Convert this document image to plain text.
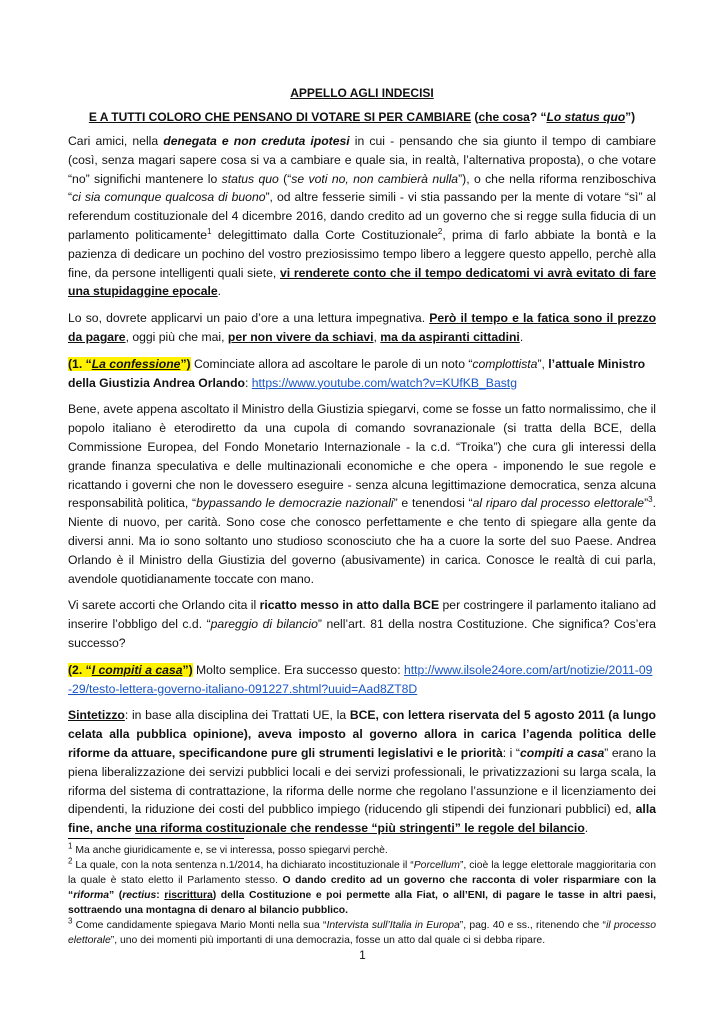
APPELLO AGLI INDECISI
E A TUTTI COLORO CHE PENSANO DI VOTARE SI PER CAMBIARE (che cosa? “Lo status quo”)

Cari amici, nella denegata e non creduta ipotesi in cui - pensando che sia giunto il tempo di cambiare (così, senza magari sapere cosa si va a cambiare e quale sia, in realtà, l’alternativa proposta), o che votare “no” significhi mantenere lo status quo (“se voti no, non cambierà nulla”), o che nella riforma renziboschiva “ci sia comunque qualcosa di buono”, od altre fesserie simili - vi stia passando per la mente di votare “sì” al referendum costituzionale del 4 dicembre 2016, dando credito ad un governo che si regge sulla fiducia di un parlamento politicamente$^1$ delegittimato dalla Corte Costituzionale$^2$, prima di farlo abbiate la bontà e la pazienza di dedicare un pochino del vostro preziosissimo tempo libero a leggere questo appello, perchè alla fine, da persone intelligenti quali siete, vi renderete conto che il tempo dedicatomi vi avrà evitato di fare una stupidaggine epocale.

Lo so, dovrete applicarvi un paio d’ore a una lettura impegnativa. Però il tempo e la fatica sono il prezzo da pagare, oggi più che mai, per non vivere da schiavi, ma da aspiranti cittadini.

(1. “La confessione”) Cominciate allora ad ascoltare le parole di un noto “complottista”, l’attuale Ministro della Giustizia Andrea Orlando: https://www.youtube.com/watch?v=KUfKB_Bastg

Bene, avete appena ascoltato il Ministro della Giustizia spiegarvi, come se fosse un fatto normalissimo, che il popolo italiano è eterodiretto da una cupola di comando sovranazionale (si tratta della BCE, della Commissione Europea, del Fondo Monetario Internazionale - la c.d. “Troika”) che cura gli interessi della grande finanza speculativa e delle multinazionali economiche e che opera - imponendo le sue regole e ricattando i governi che non le dovessero eseguire - senza alcuna legittimazione democratica, senza alcuna responsabilità politica, “bypassando le democrazie nazionali” e tenendosi “al riparo dal processo elettorale”$^3$. Niente di nuovo, per carità. Sono cose che conosco perfettamente e che tento di spiegare alla gente da diversi anni. Ma io sono soltanto uno studioso sconosciuto che ha a cuore la sorte del suo Paese. Andrea Orlando è il Ministro della Giustizia del governo (abusivamente) in carica. Conosce le realtà di cui parla, avendole quotidianamente toccate con mano.

Vi sarete accorti che Orlando cita il ricatto messo in atto dalla BCE per costringere il parlamento italiano ad inserire l’obbligo del c.d. “pareggio di bilancio” nell’art. 81 della nostra Costituzione. Che significa? Cos’era successo?

(2. “I compiti a casa”) Molto semplice. Era successo questo: http://www.ilsole24ore.com/art/notizie/2011-09-29/testo-lettera-governo-italiano-091227.shtml?uuid=Aad8ZT8D

Sintetizzo: in base alla disciplina dei Trattati UE, la BCE, con lettera riservata del 5 agosto 2011 (a lungo celata alla pubblica opinione), aveva imposto al governo allora in carica l’agenda politica delle riforme da attuare, specificandone pure gli strumenti legislativi e le priorità: i “compiti a casa” erano la piena liberalizzazione dei servizi pubblici locali e dei servizi professionali, le privatizzazioni su larga scala, la riforma del sistema di contrattazione, la riforma delle norme che regolano l’assunzione e il licenziamento dei dipendenti, la riduzione dei costi del pubblico impiego (riducendo gli stipendi dei funzionari pubblici) ed, alla fine, anche una riforma costituzionale che rendesse “più stringenti” le regole del bilancio.

$^1$ Ma anche giuridicamente e, se vi interessa, posso spiegarvi perchè.

$^2$ La quale, con la nota sentenza n.1/2014, ha dichiarato incostituzionale il “Porcellum”, cioè la legge elettorale maggioritaria con la quale è stato eletto il Parlamento stesso. O dando credito ad un governo che racconta di voler risparmiare con la “riforma” (rectius: riscrittura) della Costituzione e poi permette alla Fiat, o all’ENI, di pagare le tasse in altri paesi, sottraendo una montagna di denaro al bilancio pubblico.

$^3$ Come candidamente spiegava Mario Monti nella sua “Intervista sull’Italia in Europa”, pag. 40 e ss., ritenendo che “il processo elettorale”, uno dei momenti più importanti di una democrazia, fosse un atto dal quale ci si debba ripare.

1
